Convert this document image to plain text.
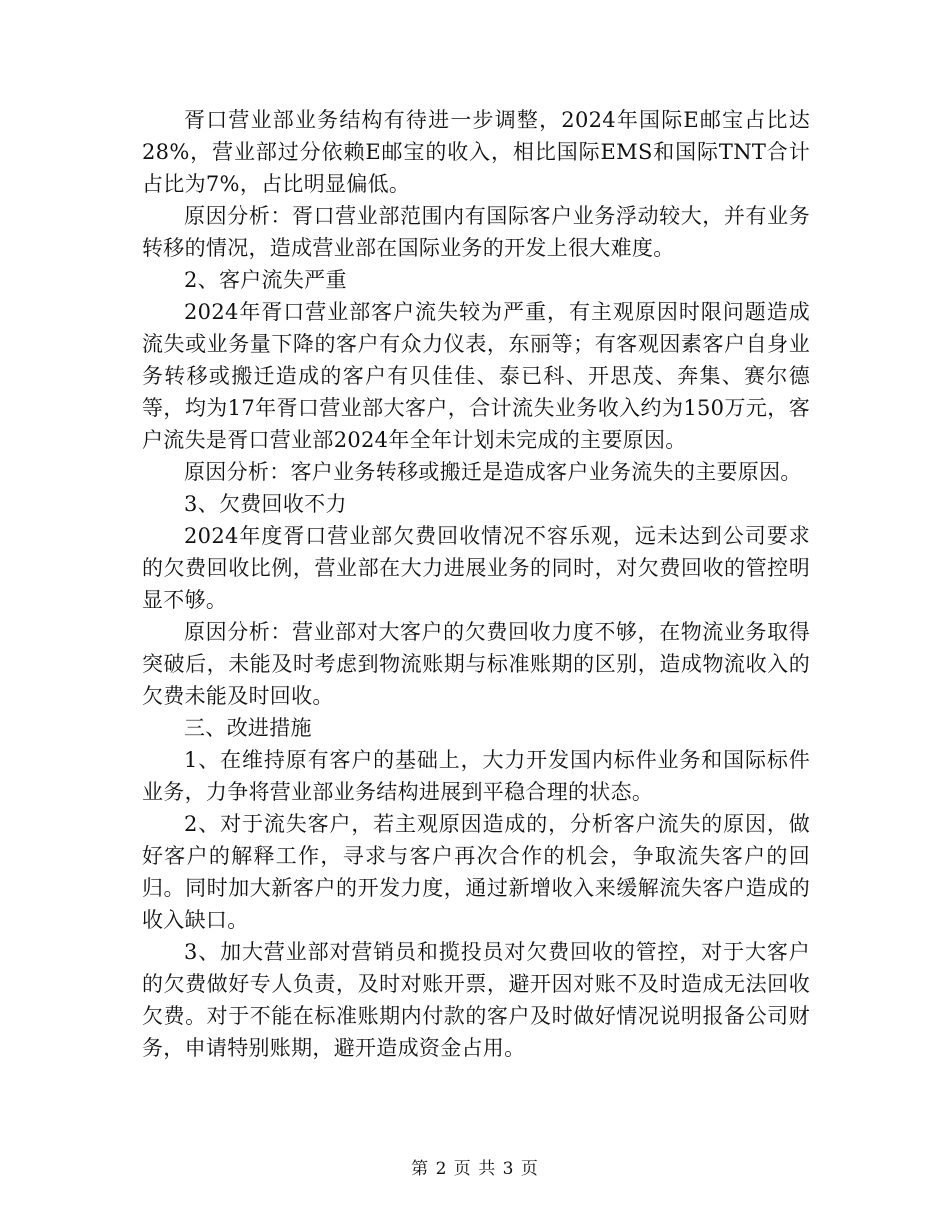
胥口营业部业务结构有待进一步调整，2024年国际E邮宝占比达28%，营业部过分依赖E邮宝的收入，相比国际EMS和国际TNT合计占比为7%，占比明显偏低。

原因分析：胥口营业部范围内有国际客户业务浮动较大，并有业务转移的情况，造成营业部在国际业务的开发上很大难度。

2、客户流失严重

2024年胥口营业部客户流失较为严重，有主观原因时限问题造成流失或业务量下降的客户有众力仪表，东丽等；有客观因素客户自身业务转移或搬迁造成的客户有贝佳佳、泰已科、开思茂、奔集、赛尔德等，均为17年胥口营业部大客户，合计流失业务收入约为150万元，客户流失是胥口营业部2024年全年计划未完成的主要原因。

原因分析：客户业务转移或搬迁是造成客户业务流失的主要原因。

3、欠费回收不力

2024年度胥口营业部欠费回收情况不容乐观，远未达到公司要求的欠费回收比例，营业部在大力进展业务的同时，对欠费回收的管控明显不够。

原因分析：营业部对大客户的欠费回收力度不够，在物流业务取得突破后，未能及时考虑到物流账期与标准账期的区别，造成物流收入的欠费未能及时回收。

三、改进措施

1、在维持原有客户的基础上，大力开发国内标件业务和国际标件业务，力争将营业部业务结构进展到平稳合理的状态。

2、对于流失客户，若主观原因造成的，分析客户流失的原因，做好客户的解释工作，寻求与客户再次合作的机会，争取流失客户的回归。同时加大新客户的开发力度，通过新增收入来缓解流失客户造成的收入缺口。

3、加大营业部对营销员和揽投员对欠费回收的管控，对于大客户的欠费做好专人负责，及时对账开票，避开因对账不及时造成无法回收欠费。对于不能在标准账期内付款的客户及时做好情况说明报备公司财务，申请特别账期，避开造成资金占用。

第 2 页 共 3 页
